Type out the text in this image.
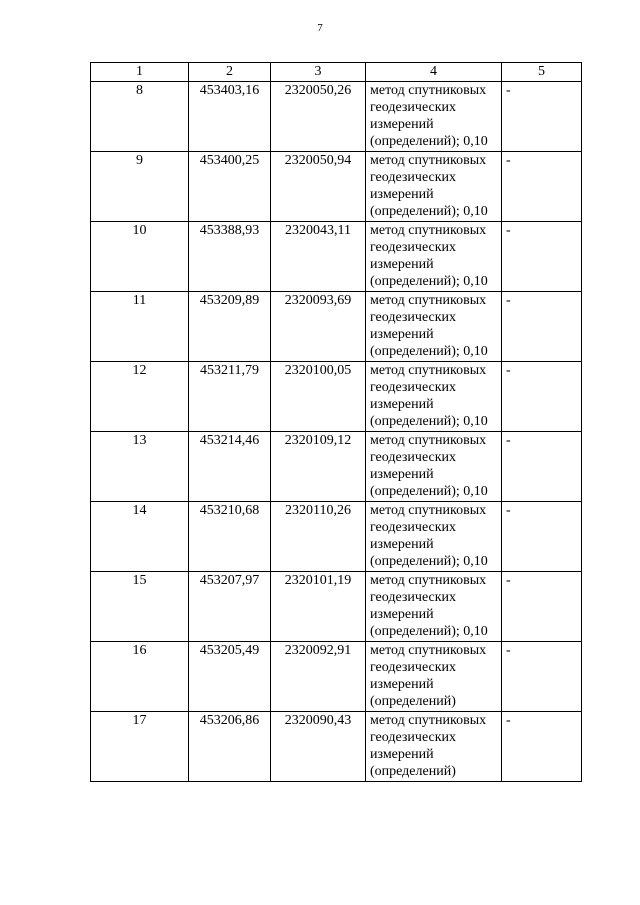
7
1	2	3	4	5
8	453403,16	2320050,26	метод спутниковых геодезических измерений (определений); 0,10	-
9	453400,25	2320050,94	метод спутниковых геодезических измерений (определений); 0,10	-
10	453388,93	2320043,11	метод спутниковых геодезических измерений (определений); 0,10	-
11	453209,89	2320093,69	метод спутниковых геодезических измерений (определений); 0,10	-
12	453211,79	2320100,05	метод спутниковых геодезических измерений (определений); 0,10	-
13	453214,46	2320109,12	метод спутниковых геодезических измерений (определений); 0,10	-
14	453210,68	2320110,26	метод спутниковых геодезических измерений (определений); 0,10	-
15	453207,97	2320101,19	метод спутниковых геодезических измерений (определений); 0,10	-
16	453205,49	2320092,91	метод спутниковых геодезических измерений (определений)	-
17	453206,86	2320090,43	метод спутниковых геодезических измерений (определений)	-
